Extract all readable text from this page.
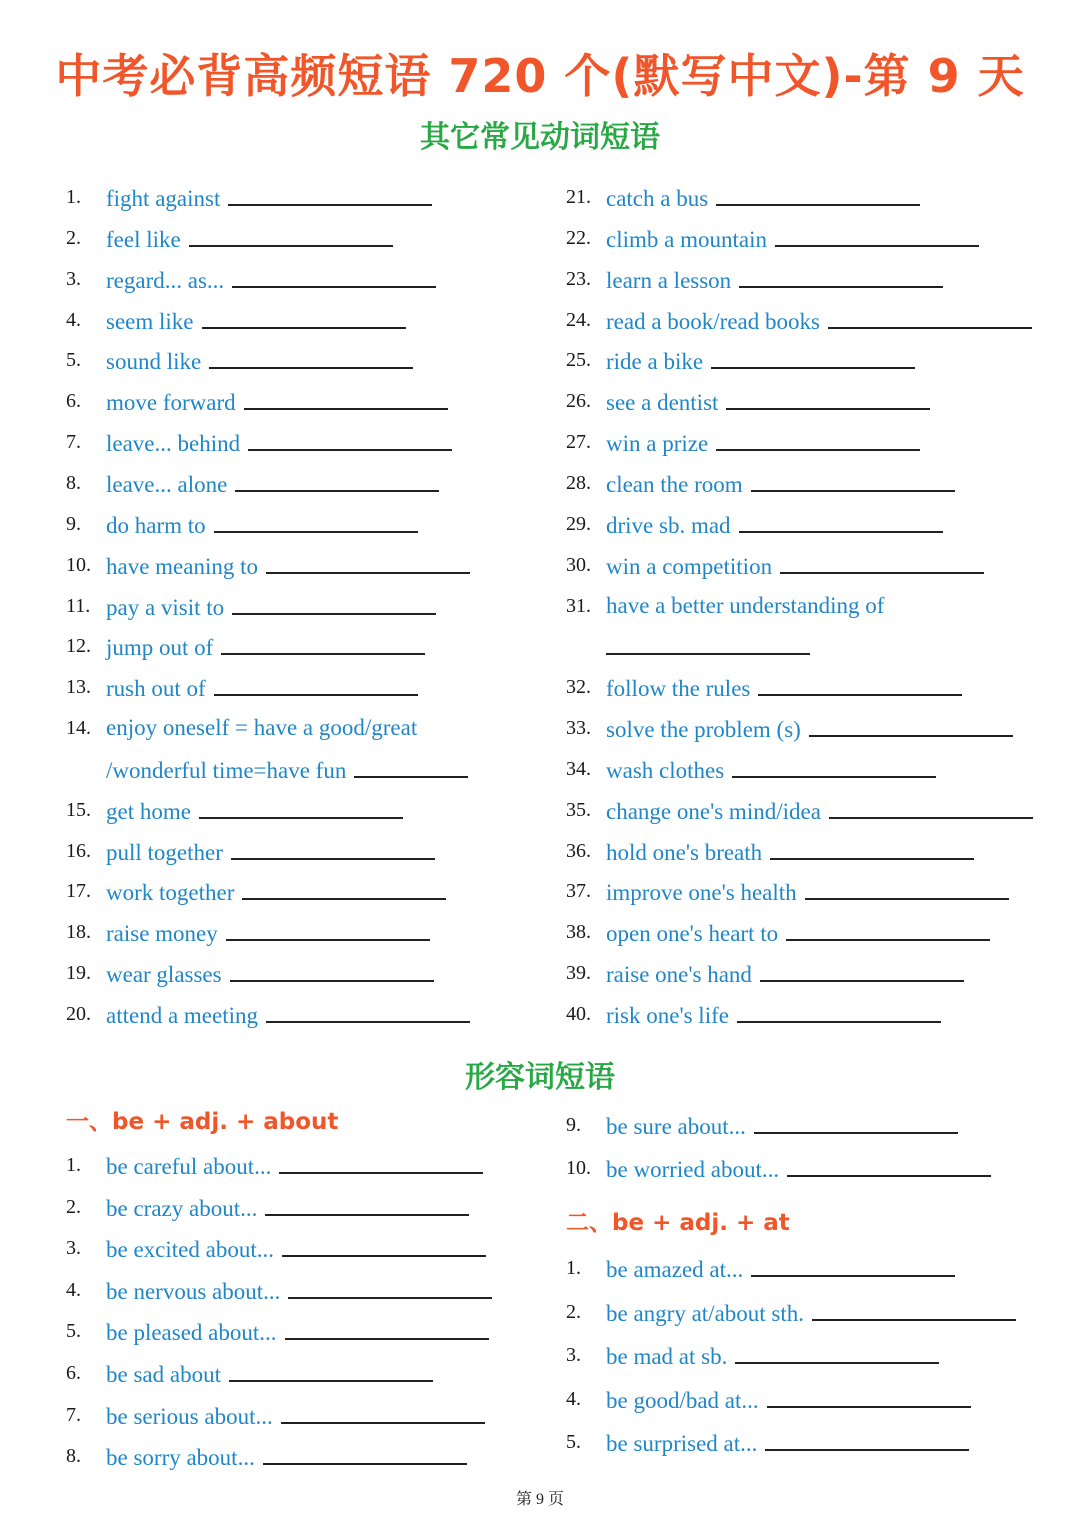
中考必背高频短语 720 个(默写中文)-第 9 天
其它常见动词短语
形容词短语
一、be + adj. + about
二、be + adj. + at
1. fight against
2. feel like
3. regard... as...
4. seem like
5. sound like
6. move forward
7. leave... behind
8. leave... alone
9. do harm to
10. have meaning to
11. pay a visit to
12. jump out of
13. rush out of
14. enjoy oneself = have a good/great
/wonderful time=have fun
15. get home
16. pull together
17. work together
18. raise money
19. wear glasses
20. attend a meeting
21. catch a bus
22. climb a mountain
23. learn a lesson
24. read a book/read books
25. ride a bike
26. see a dentist
27. win a prize
28. clean the room
29. drive sb. mad
30. win a competition
31. have a better understanding of
32. follow the rules
33. solve the problem (s)
34. wash clothes
35. change one's mind/idea
36. hold one's breath
37. improve one's health
38. open one's heart to
39. raise one's hand
40. risk one's life
1. be careful about...
2. be crazy about...
3. be excited about...
4. be nervous about...
5. be pleased about...
6. be sad about
7. be serious about...
8. be sorry about...
9. be sure about...
10. be worried about...
1. be amazed at...
2. be angry at/about sth.
3. be mad at sb.
4. be good/bad at...
5. be surprised at...
第 9 页
